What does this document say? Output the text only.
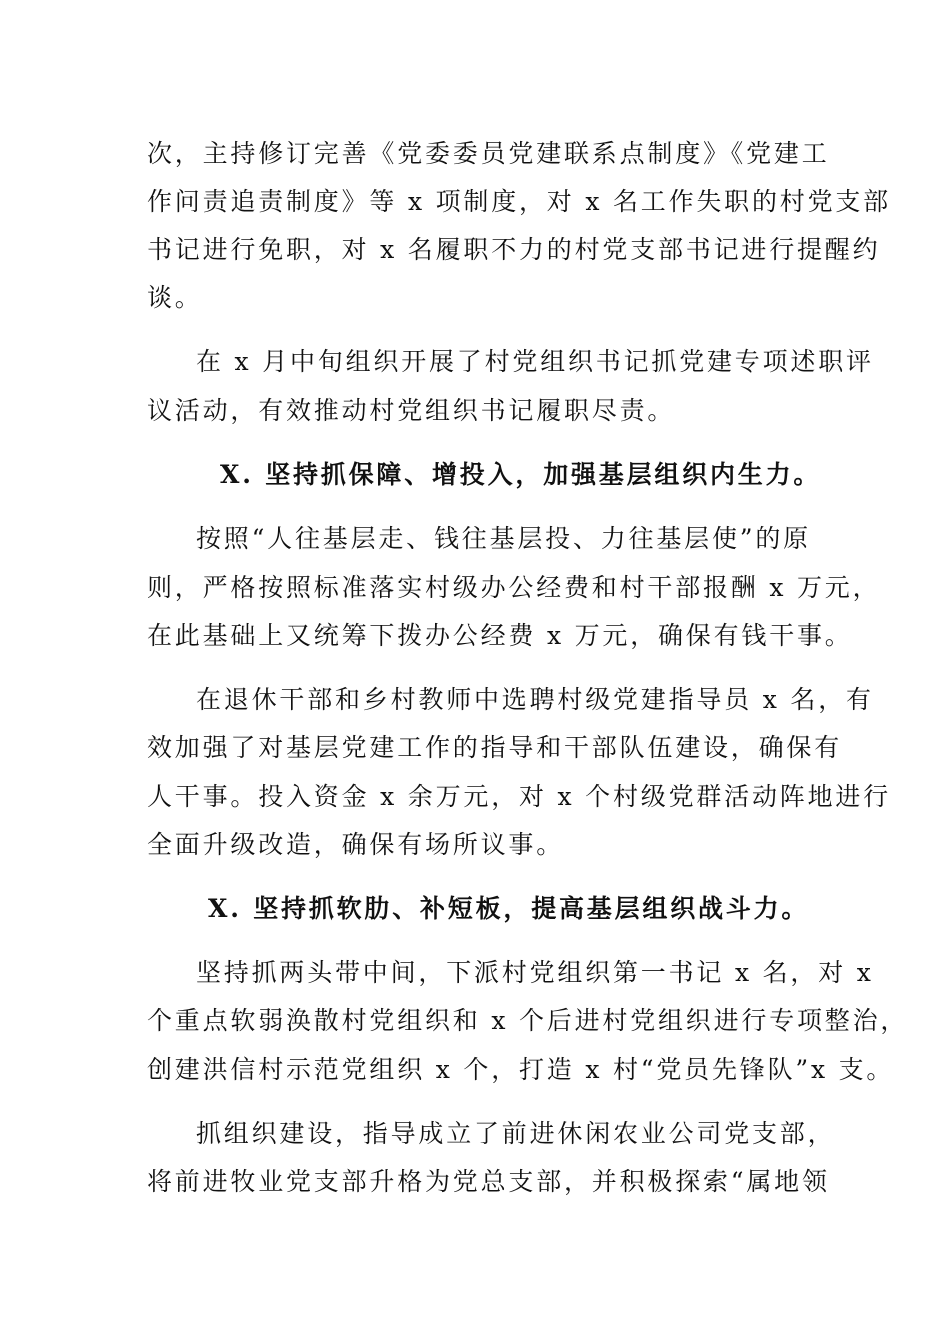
次，主持修订完善《党委委员党建联系点制度》《党建工
作问责追责制度》等 x 项制度，对 x 名工作失职的村党支部
书记进行免职，对 x 名履职不力的村党支部书记进行提醒约
谈。
在 x 月中旬组织开展了村党组织书记抓党建专项述职评
议活动，有效推动村党组织书记履职尽责。
X. 坚持抓保障、增投入，加强基层组织内生力。
按照“人往基层走、钱往基层投、力往基层使”的原
则，严格按照标准落实村级办公经费和村干部报酬 x 万元，
在此基础上又统筹下拨办公经费 x 万元，确保有钱干事。
在退休干部和乡村教师中选聘村级党建指导员 x 名，有
效加强了对基层党建工作的指导和干部队伍建设，确保有
人干事。投入资金 x 余万元，对 x 个村级党群活动阵地进行
全面升级改造，确保有场所议事。
X. 坚持抓软肋、补短板，提高基层组织战斗力。
坚持抓两头带中间，下派村党组织第一书记 x 名，对 x
个重点软弱涣散村党组织和 x 个后进村党组织进行专项整治，
创建洪信村示范党组织 x 个，打造 x 村“党员先锋队”x 支。
抓组织建设，指导成立了前进休闲农业公司党支部，
将前进牧业党支部升格为党总支部，并积极探索“属地领
